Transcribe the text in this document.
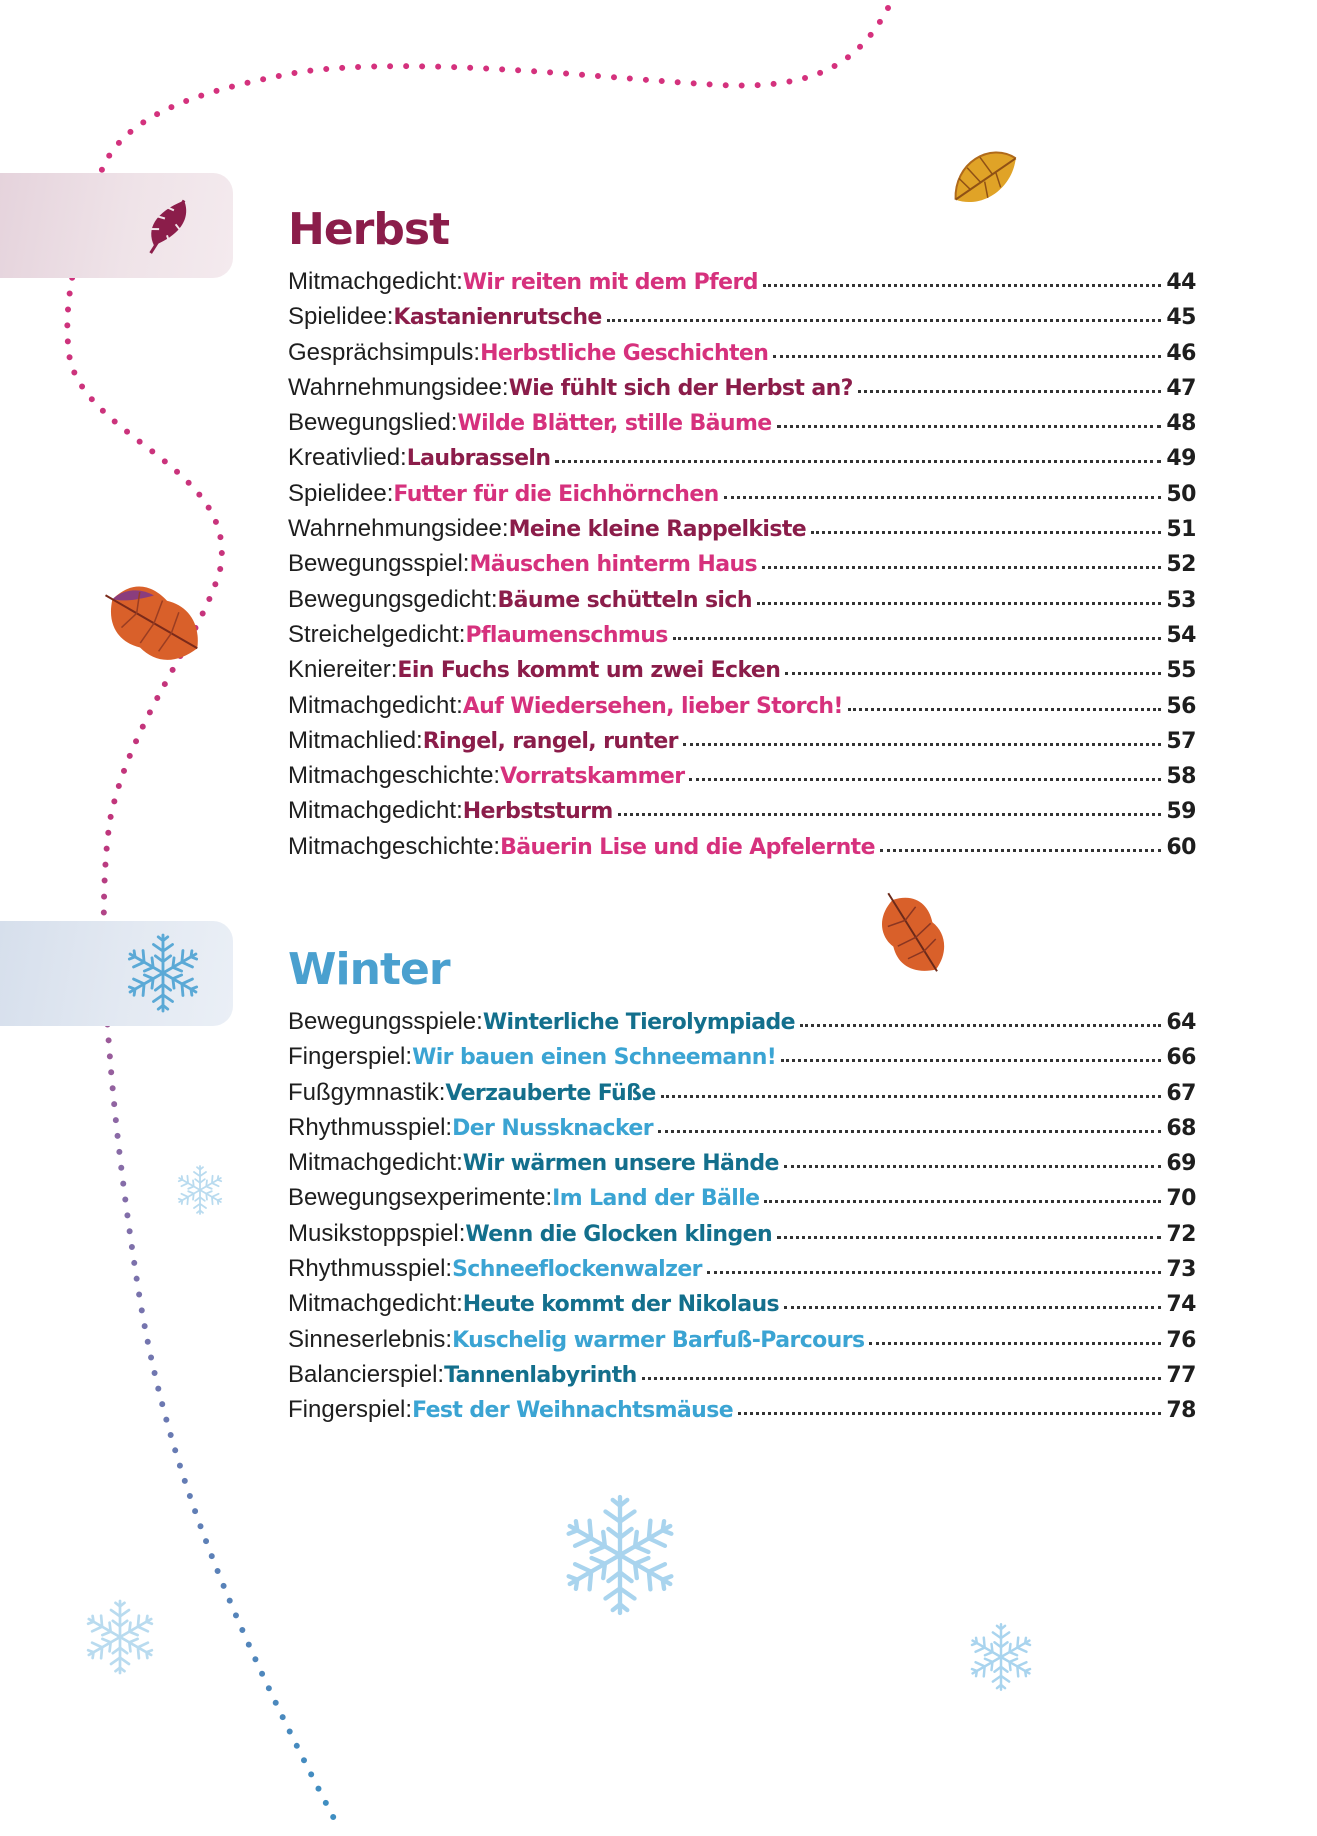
Herbst
Mitmachgedicht: Wir reiten mit dem Pferd	44
Spielidee: Kastanienrutsche	45
Gesprächsimpuls: Herbstliche Geschichten	46
Wahrnehmungsidee: Wie fühlt sich der Herbst an?	47
Bewegungslied: Wilde Blätter, stille Bäume	48
Kreativlied: Laubrasseln	49
Spielidee: Futter für die Eichhörnchen	50
Wahrnehmungsidee: Meine kleine Rappelkiste	51
Bewegungsspiel: Mäuschen hinterm Haus	52
Bewegungsgedicht: Bäume schütteln sich	53
Streichelgedicht: Pflaumenschmus	54
Kniereiter: Ein Fuchs kommt um zwei Ecken	55
Mitmachgedicht: Auf Wiedersehen, lieber Storch!	56
Mitmachlied: Ringel, rangel, runter	57
Mitmachgeschichte: Vorratskammer	58
Mitmachgedicht: Herbststurm	59
Mitmachgeschichte: Bäuerin Lise und die Apfelernte	60
Winter
Bewegungsspiele: Winterliche Tierolympiade	64
Fingerspiel: Wir bauen einen Schneemann!	66
Fußgymnastik: Verzauberte Füße	67
Rhythmusspiel: Der Nussknacker	68
Mitmachgedicht: Wir wärmen unsere Hände	69
Bewegungsexperimente: Im Land der Bälle	70
Musikstoppspiel: Wenn die Glocken klingen	72
Rhythmusspiel: Schneeflockenwalzer	73
Mitmachgedicht: Heute kommt der Nikolaus	74
Sinneserlebnis: Kuschelig warmer Barfuß-Parcours	76
Balancierspiel: Tannenlabyrinth	77
Fingerspiel: Fest der Weihnachtsmäuse	78
